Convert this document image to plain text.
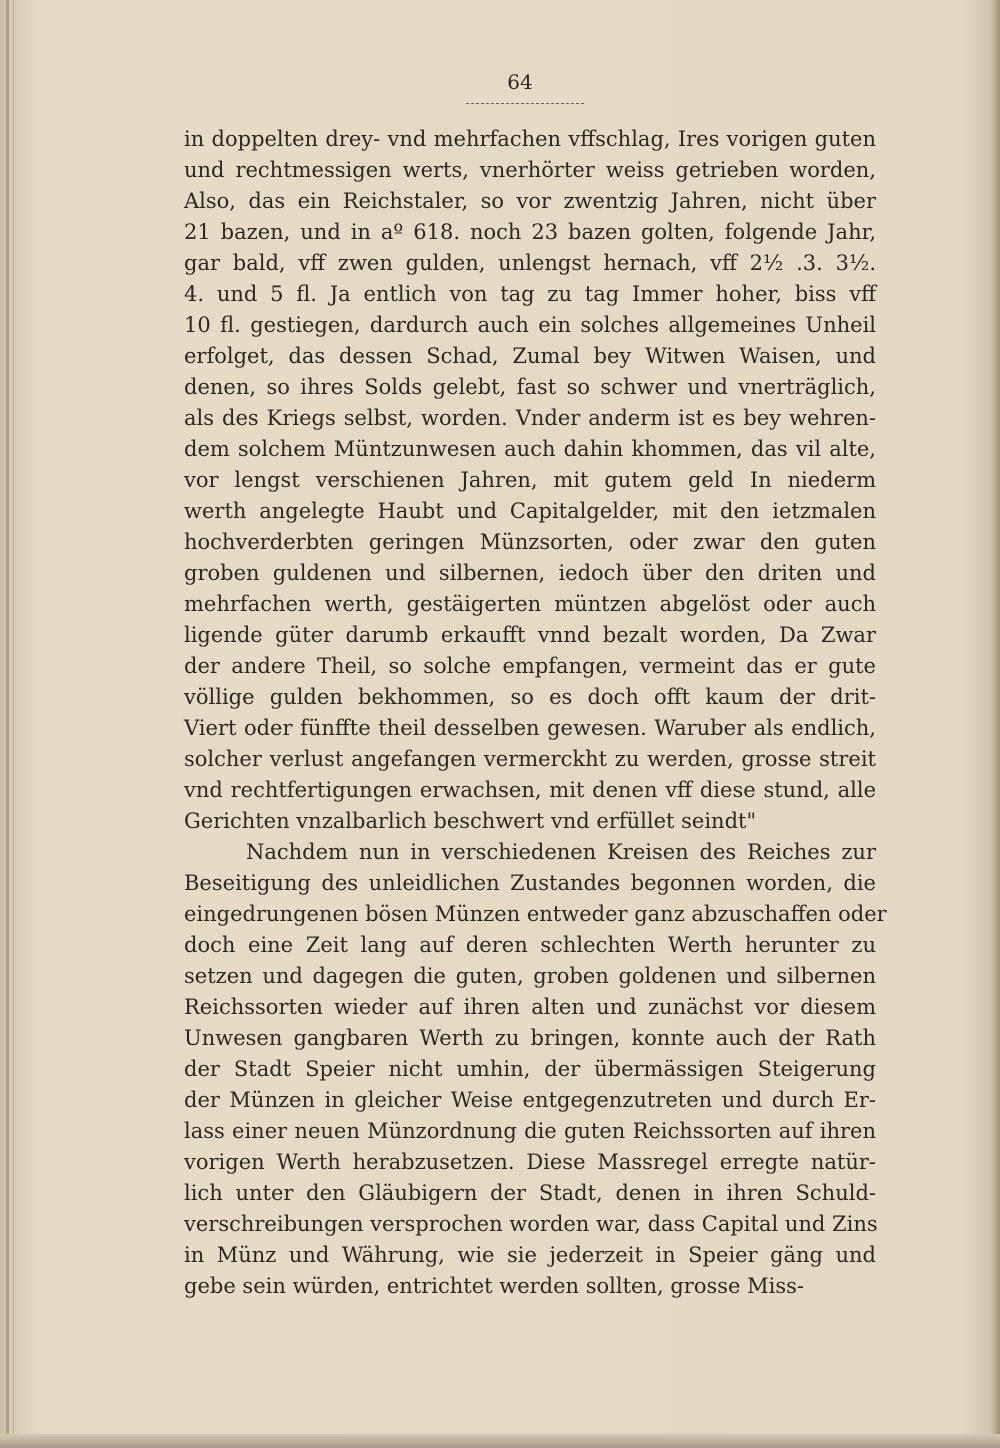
64
in doppelten drey- vnd mehrfachen vffschlag, Ires vorigen guten
und rechtmessigen werts, vnerhörter weiss getrieben worden,
Also, das ein Reichstaler, so vor zwentzig Jahren, nicht über
21 bazen, und in aº 618. noch 23 bazen golten, folgende Jahr,
gar bald, vff zwen gulden, unlengst hernach, vff 2½ .3. 3½.
4. und 5 fl. Ja entlich von tag zu tag Immer hoher, biss vff
10 fl. gestiegen, dardurch auch ein solches allgemeines Unheil
erfolget, das dessen Schad, Zumal bey Witwen Waisen, und
denen, so ihres Solds gelebt, fast so schwer und vnerträglich,
als des Kriegs selbst, worden. Vnder anderm ist es bey wehren-
dem solchem Müntzunwesen auch dahin khommen, das vil alte,
vor lengst verschienen Jahren, mit gutem geld In niederm
werth angelegte Haubt und Capitalgelder, mit den ietzmalen
hochverderbten geringen Münzsorten, oder zwar den guten
groben guldenen und silbernen, iedoch über den driten und
mehrfachen werth, gestäigerten müntzen abgelöst oder auch
ligende güter darumb erkaufft vnnd bezalt worden, Da Zwar
der andere Theil, so solche empfangen, vermeint das er gute
völlige gulden bekhommen, so es doch offt kaum der drit-
Viert oder fünffte theil desselben gewesen. Waruber als endlich,
solcher verlust angefangen vermerckht zu werden, grosse streit
vnd rechtfertigungen erwachsen, mit denen vff diese stund, alle
Gerichten vnzalbarlich beschwert vnd erfüllet seindt"
Nachdem nun in verschiedenen Kreisen des Reiches zur
Beseitigung des unleidlichen Zustandes begonnen worden, die
eingedrungenen bösen Münzen entweder ganz abzuschaffen oder
doch eine Zeit lang auf deren schlechten Werth herunter zu
setzen und dagegen die guten, groben goldenen und silbernen
Reichssorten wieder auf ihren alten und zunächst vor diesem
Unwesen gangbaren Werth zu bringen, konnte auch der Rath
der Stadt Speier nicht umhin, der übermässigen Steigerung
der Münzen in gleicher Weise entgegenzutreten und durch Er-
lass einer neuen Münzordnung die guten Reichssorten auf ihren
vorigen Werth herabzusetzen. Diese Massregel erregte natür-
lich unter den Gläubigern der Stadt, denen in ihren Schuld-
verschreibungen versprochen worden war, dass Capital und Zins
in Münz und Währung, wie sie jederzeit in Speier gäng und
gebe sein würden, entrichtet werden sollten, grosse Miss-
